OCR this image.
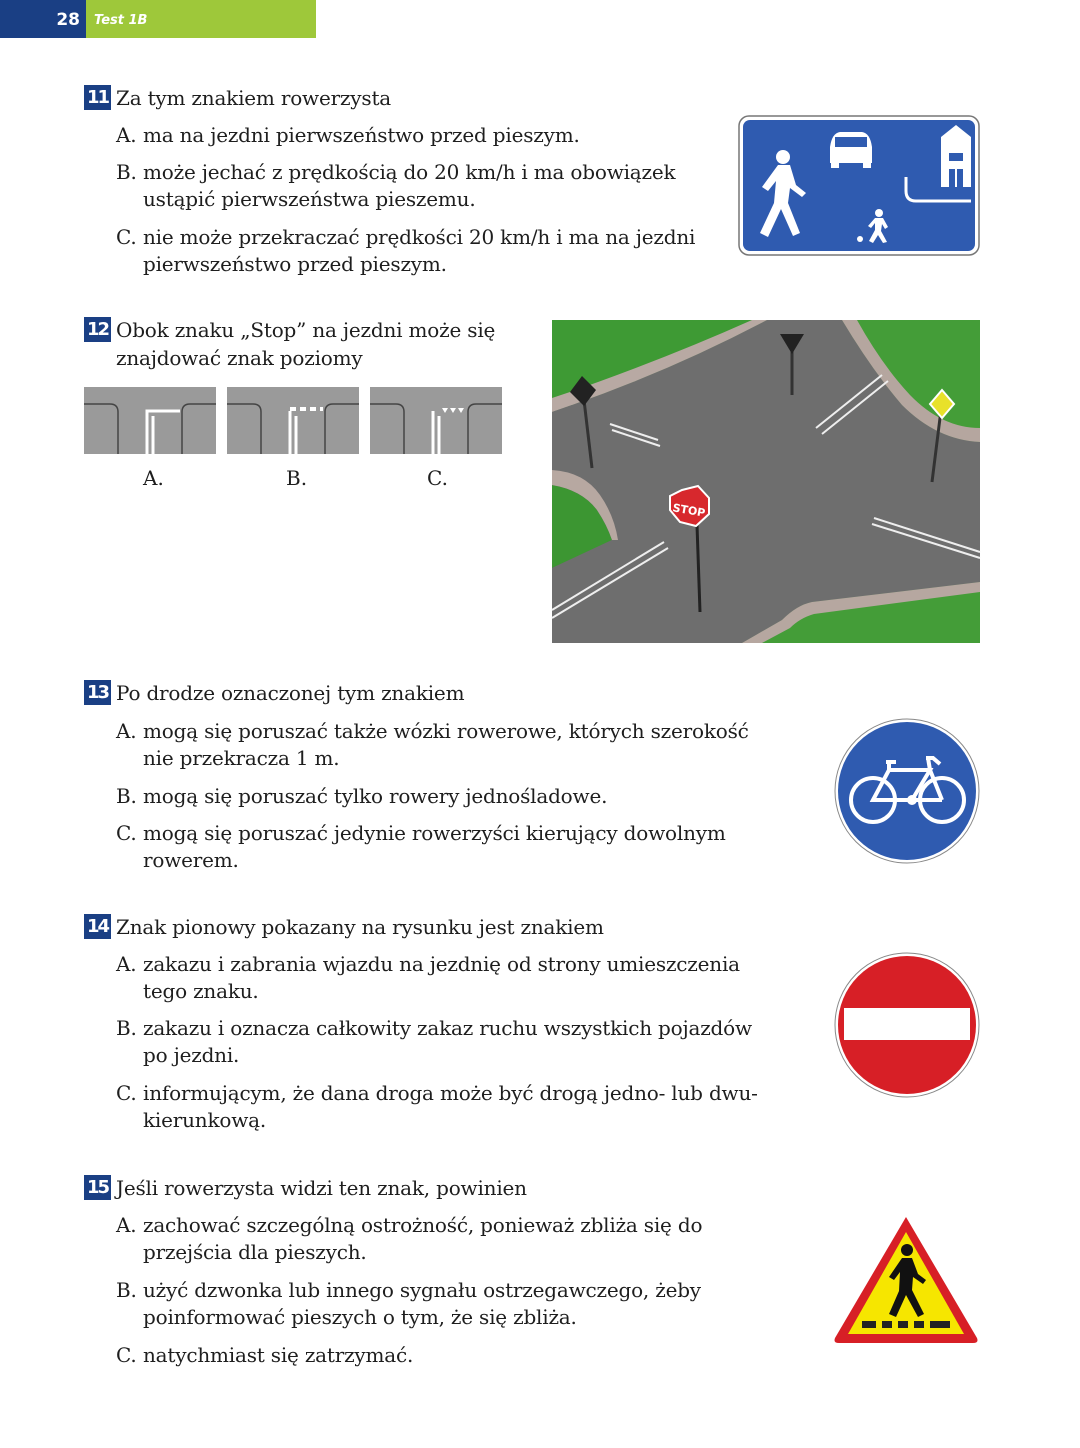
28 Test 1B
11 Za tym znakiem rowerzysta
A. ma na jezdni pierwszeństwo przed pieszym.
B. może jechać z prędkością do 20 km/h i ma obowiązek
ustąpić pierwszeństwa pieszemu.
C. nie może przekraczać prędkości 20 km/h i ma na jezdni
pierwszeństwo przed pieszym.
12 Obok znaku „Stop” na jezdni może się
znajdować znak poziomy
A.	B.	C.
STOP
13 Po drodze oznaczonej tym znakiem
A. mogą się poruszać także wózki rowerowe, których szerokość
nie przekracza 1 m.
B. mogą się poruszać tylko rowery jednośladowe.
C. mogą się poruszać jedynie rowerzyści kierujący dowolnym
rowerem.
14 Znak pionowy pokazany na rysunku jest znakiem
A. zakazu i zabrania wjazdu na jezdnię od strony umieszczenia
tego znaku.
B. zakazu i oznacza całkowity zakaz ruchu wszystkich pojazdów
po jezdni.
C. informującym, że dana droga może być drogą jedno- lub dwu-
kierunkową.
15 Jeśli rowerzysta widzi ten znak, powinien
A. zachować szczególną ostrożność, ponieważ zbliża się do
przejścia dla pieszych.
B. użyć dzwonka lub innego sygnału ostrzegawczego, żeby
poinformować pieszych o tym, że się zbliża.
C. natychmiast się zatrzymać.
